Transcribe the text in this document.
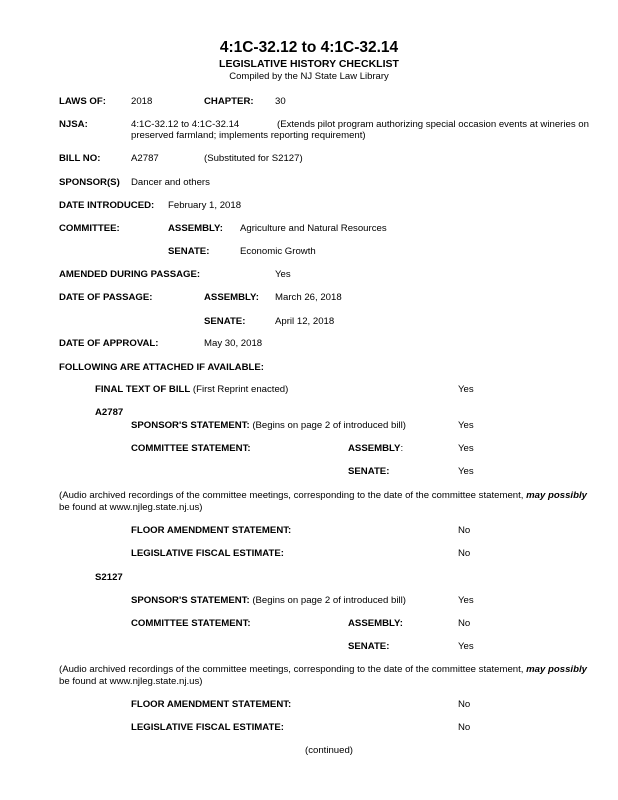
4:1C-32.12 to 4:1C-32.14
LEGISLATIVE HISTORY CHECKLIST
Compiled by the NJ State Law Library
LAWS OF:	2018	CHAPTER: 30
NJSA:	4:1C-32.12 to 4:1C-32.14	(Extends pilot program authorizing special occasion events at wineries on
preserved farmland; implements reporting requirement)
BILL NO:	A2787	(Substituted for S2127)
SPONSOR(S) Dancer and others
DATE INTRODUCED: February 1, 2018
COMMITTEE:	ASSEMBLY: Agriculture and Natural Resources
SENATE:	Economic Growth
AMENDED DURING PASSAGE:	Yes
DATE OF PASSAGE:	ASSEMBLY: March 26, 2018
SENATE:	April 12, 2018
DATE OF APPROVAL:	May 30, 2018
FOLLOWING ARE ATTACHED IF AVAILABLE:
FINAL TEXT OF BILL (First Reprint enacted)	Yes
A2787
SPONSOR'S STATEMENT: (Begins on page 2 of introduced bill)	Yes
COMMITTEE STATEMENT:	ASSEMBLY:	Yes
SENATE:	Yes
(Audio archived recordings of the committee meetings, corresponding to the date of the committee statement, may possibly
be found at www.njleg.state.nj.us)
FLOOR AMENDMENT STATEMENT:	No
LEGISLATIVE FISCAL ESTIMATE:	No
S2127
SPONSOR'S STATEMENT: (Begins on page 2 of introduced bill)	Yes
COMMITTEE STATEMENT:	ASSEMBLY:	No
SENATE:	Yes
(Audio archived recordings of the committee meetings, corresponding to the date of the committee statement, may possibly
be found at www.njleg.state.nj.us)
FLOOR AMENDMENT STATEMENT:	No
LEGISLATIVE FISCAL ESTIMATE:	No
(continued)
